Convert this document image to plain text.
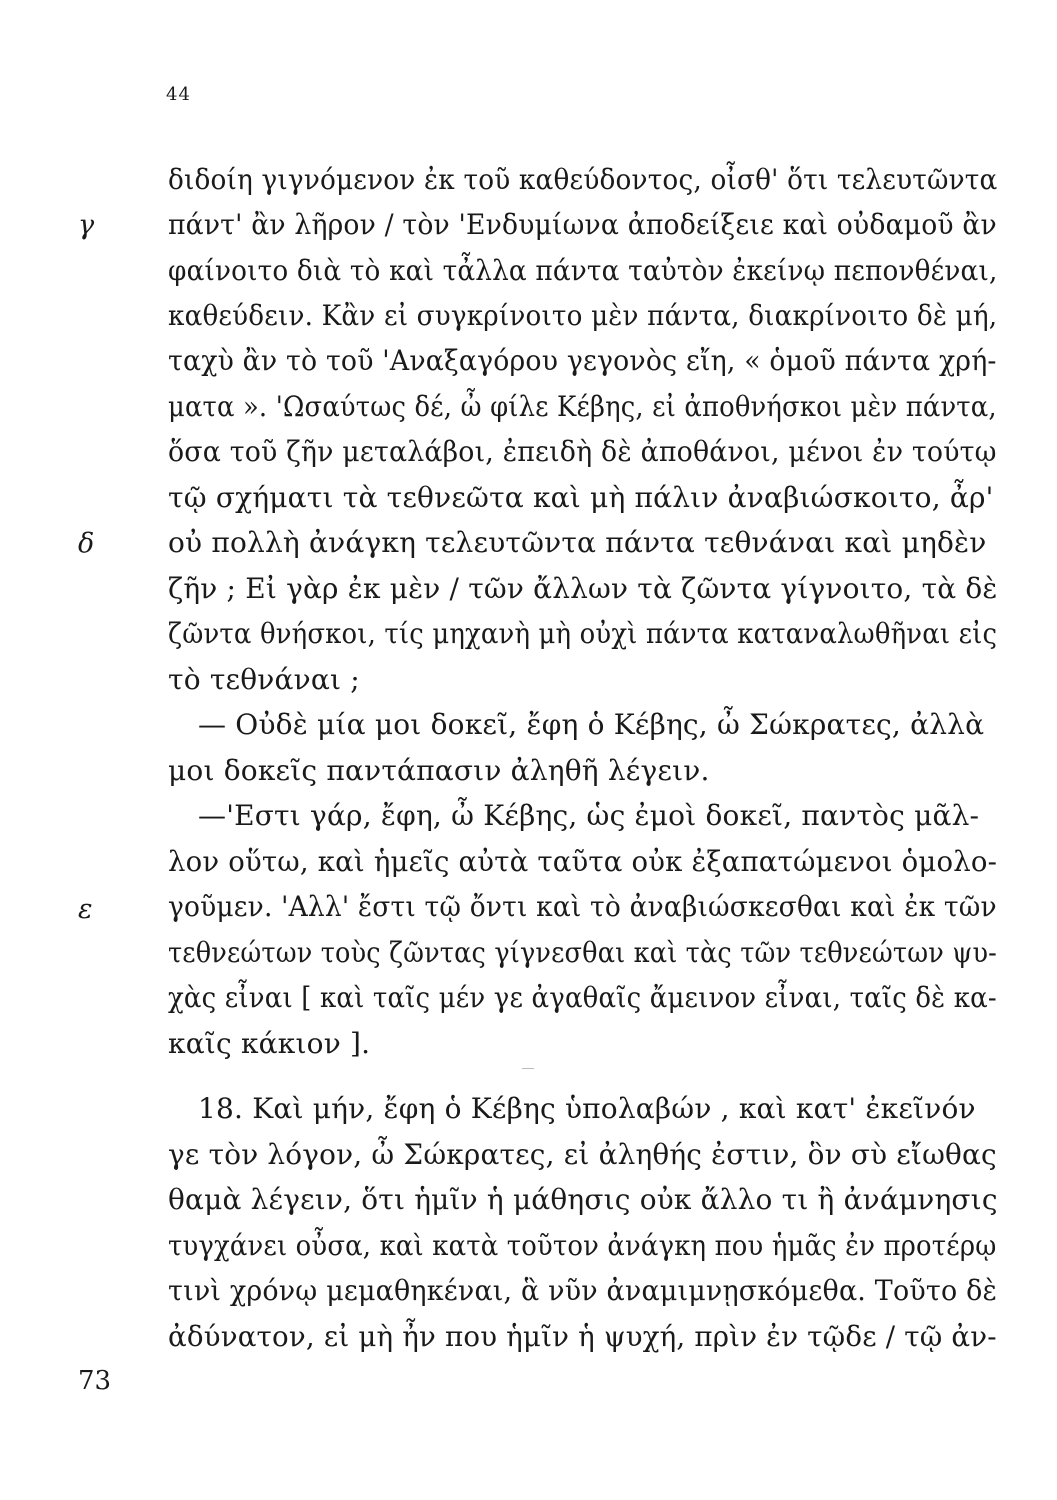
44
γ
δ
ε
73
διδοίη γιγνόμενον ἐκ τοῦ καθεύδοντος, οἶσθ' ὅτι τελευτῶντα
πάντ' ἂν λῆρον / τὸν 'Ενδυμίωνα ἀποδείξειε καὶ οὐδαμοῦ ἂν
φαίνοιτο διὰ τὸ καὶ τἆλλα πάντα ταὐτὸν ἐκείνῳ πεπονθέναι,
καθεύδειν. Κἂν εἰ συγκρίνοιτο μὲν πάντα, διακρίνοιτο δὲ μή,
ταχὺ ἂν τὸ τοῦ 'Αναξαγόρου γεγονὸς εἴη, « ὁμοῦ πάντα χρή-
ματα ». 'Ωσαύτως δέ, ὦ φίλε Κέβης, εἰ ἀποθνήσκοι μὲν πάντα,
ὅσα τοῦ ζῆν μεταλάβοι, ἐπειδὴ δὲ ἀποθάνοι, μένοι ἐν τούτῳ
τῷ σχήματι τὰ τεθνεῶτα καὶ μὴ πάλιν ἀναβιώσκοιτο, ἆρ'
οὐ πολλὴ ἀνάγκη τελευτῶντα πάντα τεθνάναι καὶ μηδὲν
ζῆν ; Εἰ γὰρ ἐκ μὲν / τῶν ἄλλων τὰ ζῶντα γίγνοιτο, τὰ δὲ
ζῶντα θνήσκοι, τίς μηχανὴ μὴ οὐχὶ πάντα καταναλωθῆναι εἰς
τὸ τεθνάναι ;
— Οὐδὲ μία μοι δοκεῖ, ἔφη ὁ Κέβης, ὦ Σώκρατες, ἀλλὰ
μοι δοκεῖς παντάπασιν ἀληθῆ λέγειν.
—'Εστι γάρ, ἔφη, ὦ Κέβης, ὡς ἐμοὶ δοκεῖ, παντὸς μᾶλ-
λον οὕτω, καὶ ἡμεῖς αὐτὰ ταῦτα οὐκ ἐξαπατώμενοι ὁμολο-
γοῦμεν. 'Αλλ' ἔστι τῷ ὄντι καὶ τὸ ἀναβιώσκεσθαι καὶ ἐκ τῶν
τεθνεώτων τοὺς ζῶντας γίγνεσθαι καὶ τὰς τῶν τεθνεώτων ψυ-
χὰς εἶναι [ καὶ ταῖς μέν γε ἀγαθαῖς ἄμεινον εἶναι, ταῖς δὲ κα-
καῖς κάκιον ].
18. Καὶ μήν, ἔφη ὁ Κέβης ὑπολαβών , καὶ κατ' ἐκεῖνόν
γε τὸν λόγον, ὦ Σώκρατες, εἰ ἀληθής ἐστιν, ὃν σὺ εἴωθας
θαμὰ λέγειν, ὅτι ἡμῖν ἡ μάθησις οὐκ ἄλλο τι ἢ ἀνάμνησις
τυγχάνει οὖσα, καὶ κατὰ τοῦτον ἀνάγκη που ἡμᾶς ἐν προτέρῳ
τινὶ χρόνῳ μεμαθηκέναι, ἃ νῦν ἀναμιμνῃσκόμεθα. Τοῦτο δὲ
ἀδύνατον, εἰ μὴ ἦν που ἡμῖν ἡ ψυχή, πρὶν ἐν τῷδε / τῷ ἀν-
